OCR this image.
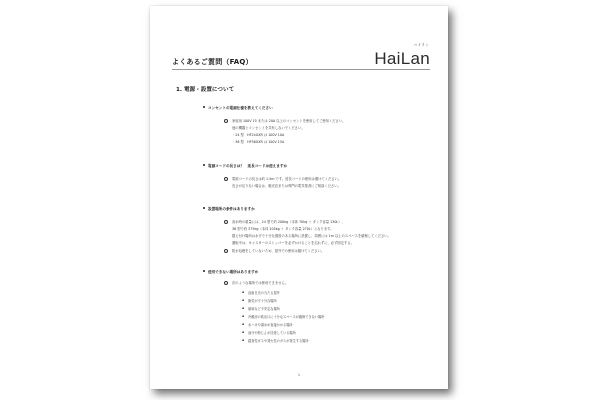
よくあるご質問（FAQ）
ハイラン
HaiLan
1. 電源・設置について
コンセントの電源仕様を教えてください
家庭用 100V 15 または 20A 以上のコンセントを使用してご使用ください。
他の機器とコンセントを共有しないでください。
・24 型　HF24GXR は 100V 10A
・36 型　HF36GXR は 100V 15A
電源コードの長さは？　延長コードは使えますか
電源コードの長さは約 1.5m です。延長コードの使用は避けてください。
長さが足りない場合は、販売店または専門の電気業者にご相談ください。
設置場所の条件はありますか
高水時の重量には、24 型で約 200kg（本体 70kg ＋ タンク容量 130L）、
36 型で約 375kg（本体 105kg ＋ タンク容量 270L）となります。
据え付け場所は水平で十分な強度のある場所に設置し、周囲には 1m 以上のスペースを確保してください。
運転中は、キャスターのストッパーを必ずかけることを忘れずに、必ず固定する。
防水処理をしていないため、屋外での使用は避けてください。
使用できない場所はありますか
次のような場所では使用できません。
▪ 直射日光の当たる屋外
▪ 換気が不十分な場所
▪ 傾斜など不安定な場所
▪ 冷暖房の吹出口に十分なスペースが確保できない場所
▪ 水ハネや湯水が直接かかる場所
▪ 油分や粉じんが浮遊している場所
▪ 腐食性ガスや発火性のガスが発生する場所
1
